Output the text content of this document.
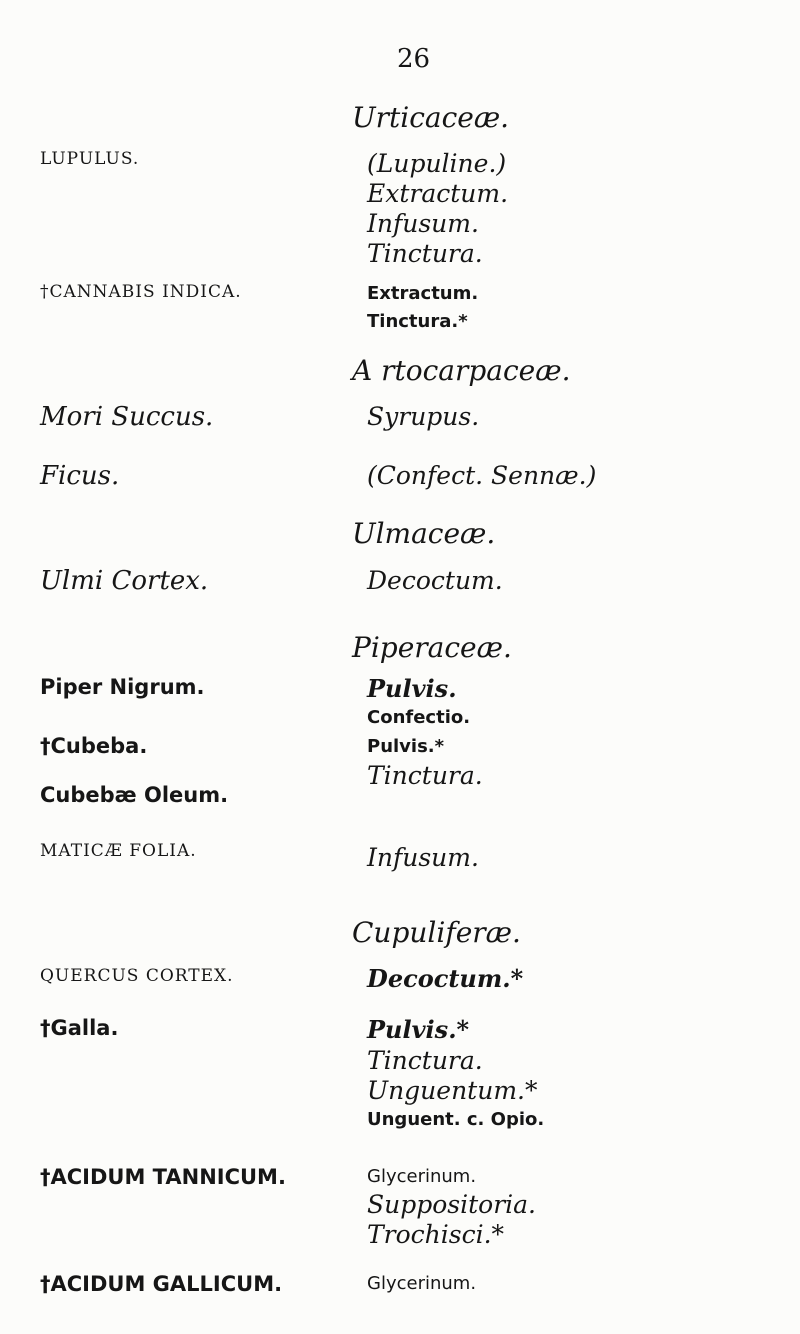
26
Urticaceæ.
A rtocarpaceæ.
Ulmaceæ.
Piperaceæ.
Cupuliferæ.
LUPULUS.
†CANNABIS INDICA.
Mori Succus.
Ficus.
Ulmi Cortex.
Piper Nigrum.
†Cubeba.
Cubebæ Oleum.
MATICÆ FOLIA.
QUERCUS CORTEX.
†Galla.
†ACIDUM TANNICUM.
†ACIDUM GALLICUM.
(Lupuline.)
Extractum.
Infusum.
Tinctura.
Extractum.
Tinctura.*
Syrupus.
(Confect. Sennæ.)
Decoctum.
Pulvis.
Confectio.
Pulvis.*
Tinctura.
Infusum.
Decoctum.*
Pulvis.*
Tinctura.
Unguentum.*
Unguent. c. Opio.
Glycerinum.
Suppositoria.
Trochisci.*
Glycerinum.
